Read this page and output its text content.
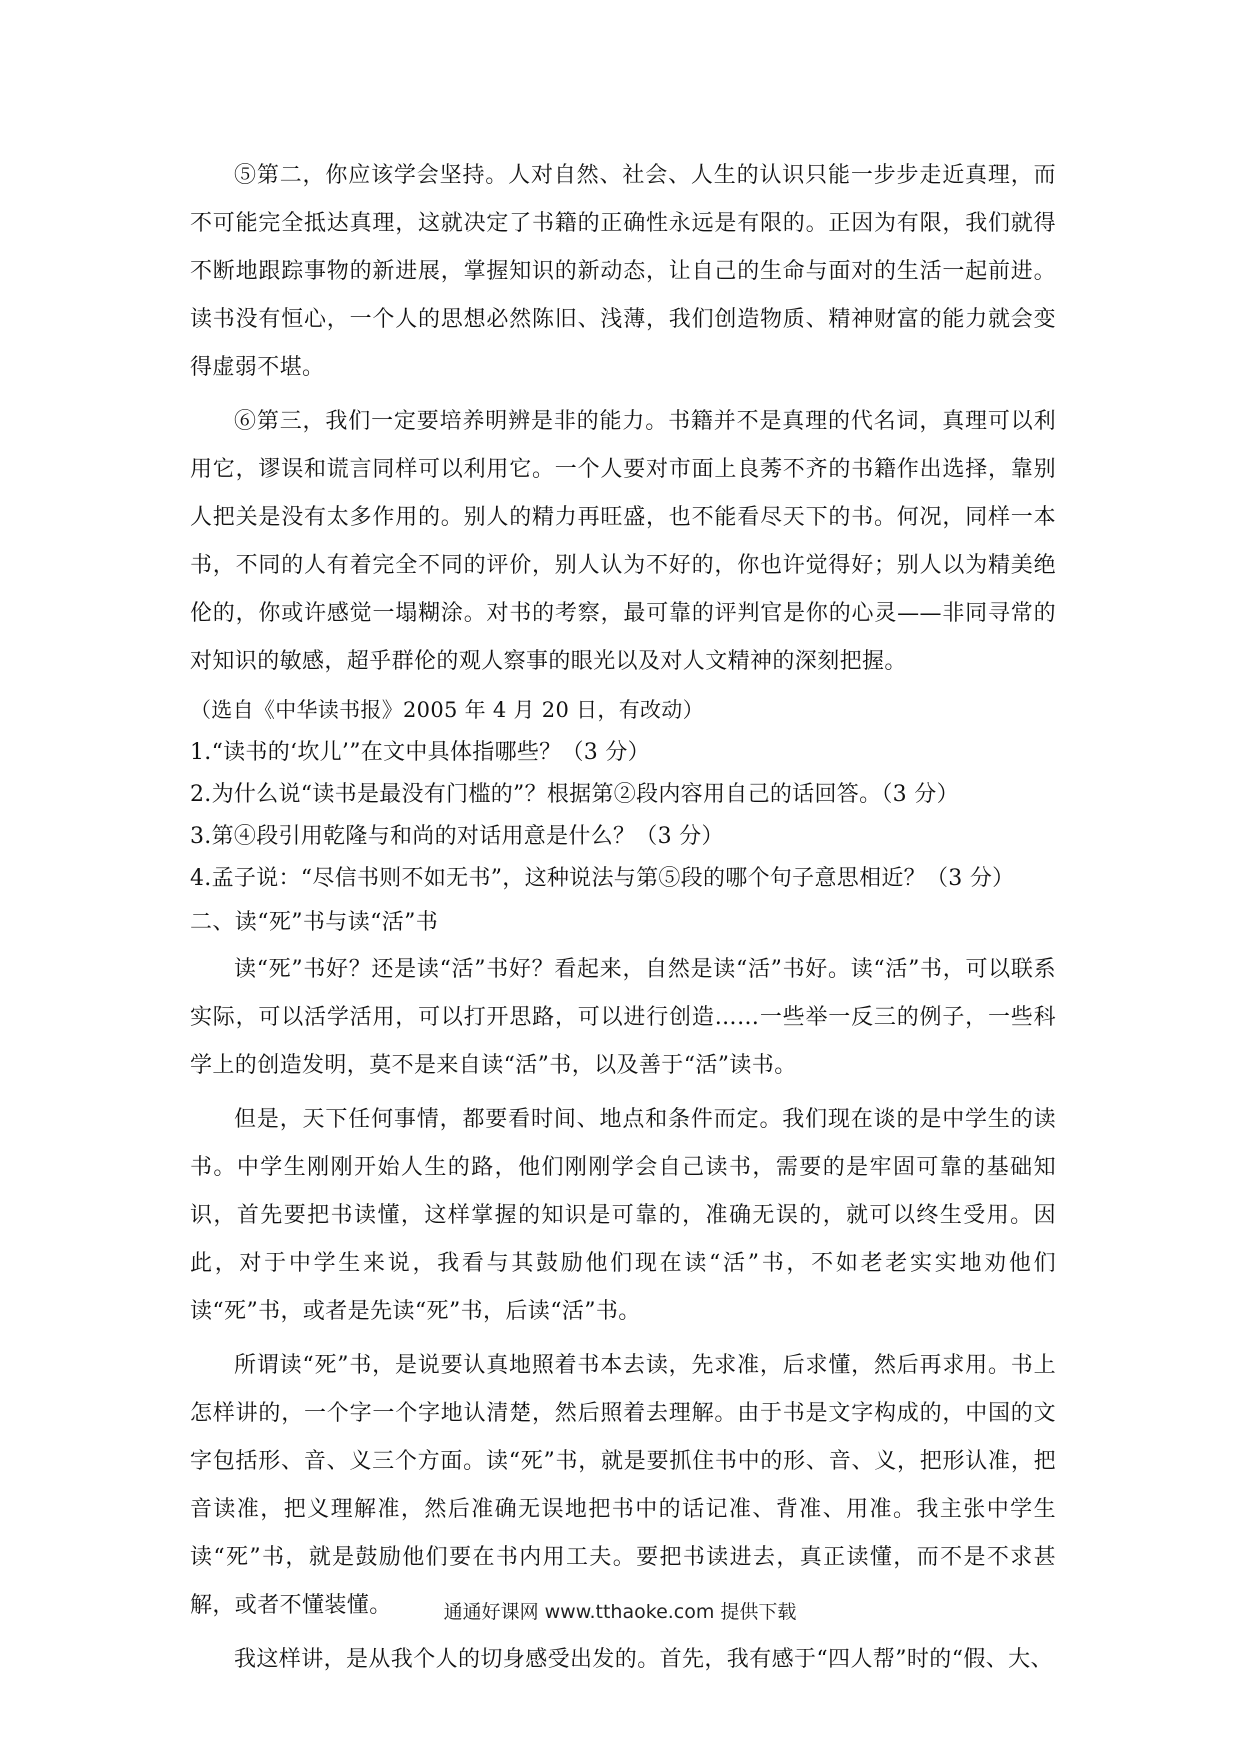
⑤第二，你应该学会坚持。人对自然、社会、人生的认识只能一步步走近真理，而不可能完全抵达真理，这就决定了书籍的正确性永远是有限的。正因为有限，我们就得不断地跟踪事物的新进展，掌握知识的新动态，让自己的生命与面对的生活一起前进。读书没有恒心，一个人的思想必然陈旧、浅薄，我们创造物质、精神财富的能力就会变得虚弱不堪。

⑥第三，我们一定要培养明辨是非的能力。书籍并不是真理的代名词，真理可以利用它，谬误和谎言同样可以利用它。一个人要对市面上良莠不齐的书籍作出选择，靠别人把关是没有太多作用的。别人的精力再旺盛，也不能看尽天下的书。何况，同样一本书，不同的人有着完全不同的评价，别人认为不好的，你也许觉得好；别人以为精美绝伦的，你或许感觉一塌糊涂。对书的考察，最可靠的评判官是你的心灵——非同寻常的对知识的敏感，超乎群伦的观人察事的眼光以及对人文精神的深刻把握。

（选自《中华读书报》2005 年 4 月 20 日，有改动）

1.“读书的‘坎儿’”在文中具体指哪些？（3 分）

2.为什么说“读书是最没有门槛的”？根据第②段内容用自己的话回答。（3 分）

3.第④段引用乾隆与和尚的对话用意是什么？（3 分）

4.孟子说：“尽信书则不如无书”，这种说法与第⑤段的哪个句子意思相近？（3 分）

二、读“死”书与读“活”书

读“死”书好？还是读“活”书好？看起来，自然是读“活”书好。读“活”书，可以联系实际，可以活学活用，可以打开思路，可以进行创造……一些举一反三的例子，一些科学上的创造发明，莫不是来自读“活”书，以及善于“活”读书。

但是，天下任何事情，都要看时间、地点和条件而定。我们现在谈的是中学生的读书。中学生刚刚开始人生的路，他们刚刚学会自己读书，需要的是牢固可靠的基础知识，首先要把书读懂，这样掌握的知识是可靠的，准确无误的，就可以终生受用。因此，对于中学生来说，我看与其鼓励他们现在读“活”书，不如老老实实地劝他们读“死”书，或者是先读“死”书，后读“活”书。

所谓读“死”书，是说要认真地照着书本去读，先求准，后求懂，然后再求用。书上怎样讲的，一个字一个字地认清楚，然后照着去理解。由于书是文字构成的，中国的文字包括形、音、义三个方面。读“死”书，就是要抓住书中的形、音、义，把形认准，把音读准，把义理解准，然后准确无误地把书中的话记准、背准、用准。我主张中学生读“死”书，就是鼓励他们要在书内用工夫。要把书读进去，真正读懂，而不是不求甚解，或者不懂装懂。

我这样讲，是从我个人的切身感受出发的。首先，我有感于“四人帮”时的“假、大、

通通好课网 www.tthaoke.com 提供下载
